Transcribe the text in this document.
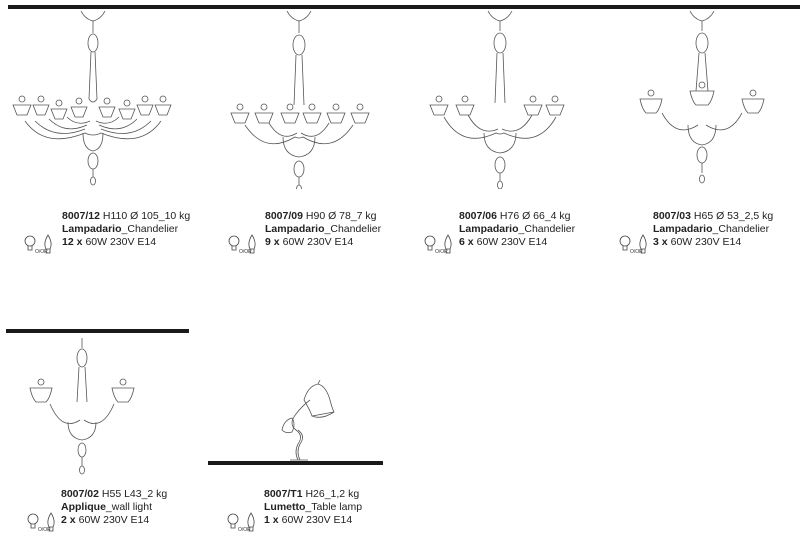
8007/12 H110 Ø 105_10 kg
Lampadario_Chandelier
12 x 60W 230V E14
O/OR
8007/09 H90 Ø 78_7 kg
Lampadario_Chandelier
9 x 60W 230V E14
O/OR
8007/06 H76 Ø 66_4 kg
Lampadario_Chandelier
6 x 60W 230V E14
O/OR
8007/03 H65 Ø 53_2,5 kg
Lampadario_Chandelier
3 x 60W 230V E14
O/OR
8007/02 H55 L43_2 kg
Applique_wall light
2 x 60W 230V E14
O/OR
8007/T1 H26_1,2 kg
Lumetto_Table lamp
1 x 60W 230V E14
O/OR
